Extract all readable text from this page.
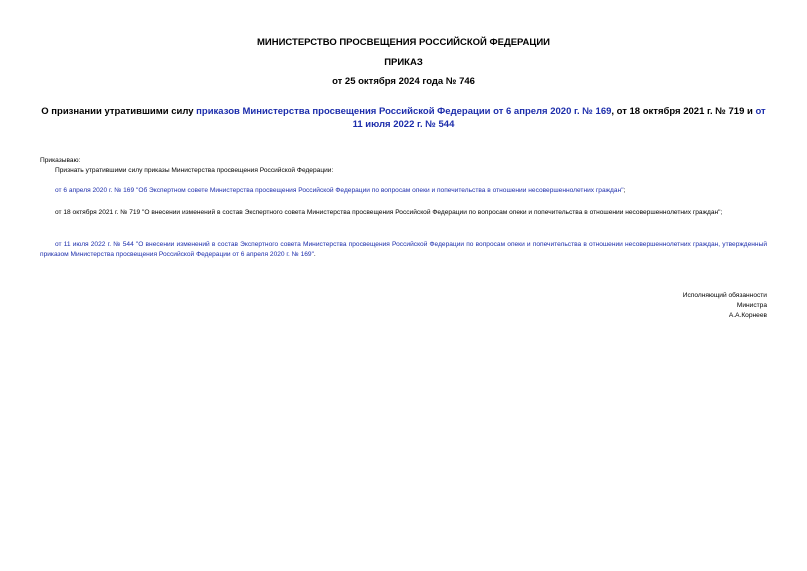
МИНИСТЕРСТВО ПРОСВЕЩЕНИЯ РОССИЙСКОЙ ФЕДЕРАЦИИ
ПРИКАЗ
от 25 октября 2024 года № 746
О признании утратившими силу приказов Министерства просвещения Российской Федерации от 6 апреля 2020 г. № 169, от 18 октября 2021 г. № 719 и от 11 июля 2022 г. № 544
Приказываю:
Признать утратившими силу приказы Министерства просвещения Российской Федерации:
от 6 апреля 2020 г. № 169 "Об Экспертном совете Министерства просвещения Российской Федерации по вопросам опеки и попечительства в отношении несовершеннолетних граждан";
от 18 октября 2021 г. № 719 "О внесении изменений в состав Экспертного совета Министерства просвещения Российской Федерации по вопросам опеки и попечительства в отношении несовершеннолетних граждан";
от 11 июля 2022 г. № 544 "О внесении изменений в состав Экспертного совета Министерства просвещения Российской Федерации по вопросам опеки и попечительства в отношении несовершеннолетних граждан, утвержденный приказом Министерства просвещения Российской Федерации от 6 апреля 2020 г. № 169".
Исполняющий обязанности
Министра
А.А.Корнеев
